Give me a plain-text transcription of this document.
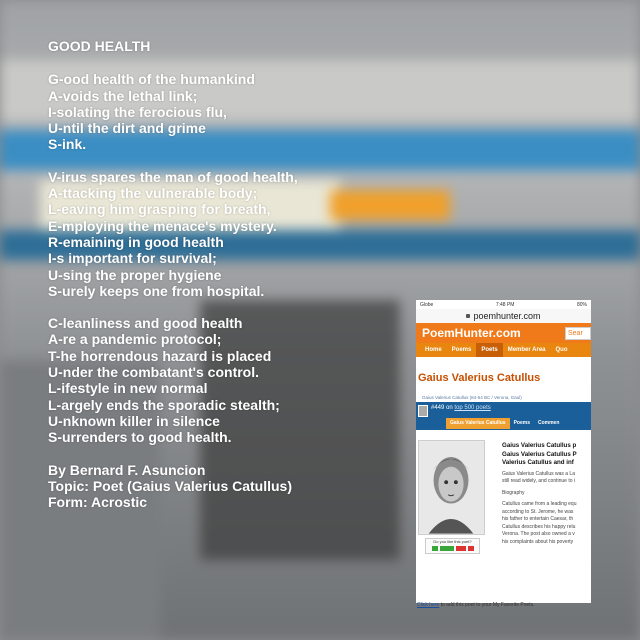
GOOD HEALTH
G-ood health of the humankind
A-voids the lethal link;
I-solating the ferocious flu,
U-ntil the dirt and grime
S-ink.
V-irus spares the man of good health,
A-ttacking the vulnerable body;
L-eaving him grasping for breath,
E-mploying the menace's mystery.
R-emaining in good health
I-s important for survival;
U-sing the proper hygiene
S-urely keeps one from hospital.
C-leanliness and good health
A-re a pandemic protocol;
T-he horrendous hazard is placed
U-nder the combatant's control.
L-ifestyle in new normal
L-argely ends the sporadic stealth;
U-nknown killer in silence
S-urrenders to good health.
By Bernard F. Asuncion
Topic: Poet (Gaius Valerius Catullus)
Form: Acrostic
Globe	7:48 PM	80%
poemhunter.com
PoemHunter.com	Sear
Home	Poems	Poets	Member Area	Quo
Gaius Valerius Catullus
Gaius Valerius Catullus (84-54 BC / Verona, Gaul)
#449 on top 500 poets
Gaius Valerius Catullus	Poems	Commen
Do you like this poet?
Gaius Valerius Catullus p
Gaius Valerius Catullus P
Valerius Catullus and inf

Gaius Valerius Catullus was a La
still read widely, and continue to i

Biography

Catullus came from a leading equ
according to St. Jerome, he was
his father to entertain Caesar, th
Catullus describes his happy relu
Verona. The post also owned a v
his complaints about his poverty

Click here to add this poet to your My Favorite Poets.
